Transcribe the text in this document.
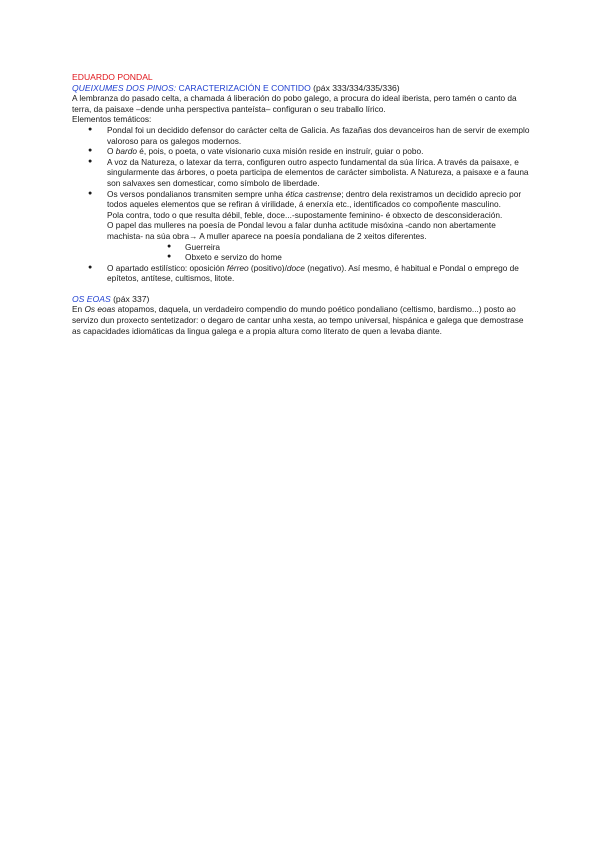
EDUARDO PONDAL

QUEIXUMES DOS PINOS: CARACTERIZACIÓN E CONTIDO (páx 333/334/335/336)

A lembranza do pasado celta, a chamada á liberación do pobo galego, a procura do ideal iberista, pero tamén o canto da terra, da paisaxe –dende unha perspectiva panteísta– configuran o seu traballo lírico.

Elementos temáticos:

● Pondal foi un decidido defensor do carácter celta de Galicia. As fazañas dos devanceiros han de servir de exemplo valoroso para os galegos modernos.
● O bardo é, pois, o poeta, o vate visionario cuxa misión reside en instruír, guiar o pobo.
● A voz da Natureza, o latexar da terra, configuren outro aspecto fundamental da súa lírica. A través da paisaxe, e singularmente das árbores, o poeta participa de elementos de carácter simbolista. A Natureza, a paisaxe e a fauna son salvaxes sen domesticar, como símbolo de liberdade.

● Os versos pondalianos transmiten sempre unha ética castrense; dentro dela rexistramos un decidido aprecio por todos aqueles elementos que se refiran á virilidade, á enerxía etc., identificados co compoñente masculino.

Pola contra, todo o que resulta débil, feble, doce...-supostamente feminino- é obxecto de desconsideración.

O papel das mulleres na poesía de Pondal levou a falar dunha actitude misóxina -cando non abertamente machista- na súa obra→ A muller aparece na poesía pondaliana de 2 xeitos diferentes.

● Guerreira
● Obxeto e servizo do home
● O apartado estilístico: oposición férreo (positivo)/doce (negativo). Así mesmo, é habitual e Pondal o emprego de epítetos, antítese, cultismos, litote.

OS EOAS (páx 337)

En Os eoas atopamos, daquela, un verdadeiro compendio do mundo poético pondaliano (celtismo, bardismo...) posto ao servizo dun proxecto sentetizador: o degaro de cantar unha xesta, ao tempo universal, hispánica e galega que demostrase as capacidades idiomáticas da lingua galega e a propia altura como literato de quen a levaba diante.
